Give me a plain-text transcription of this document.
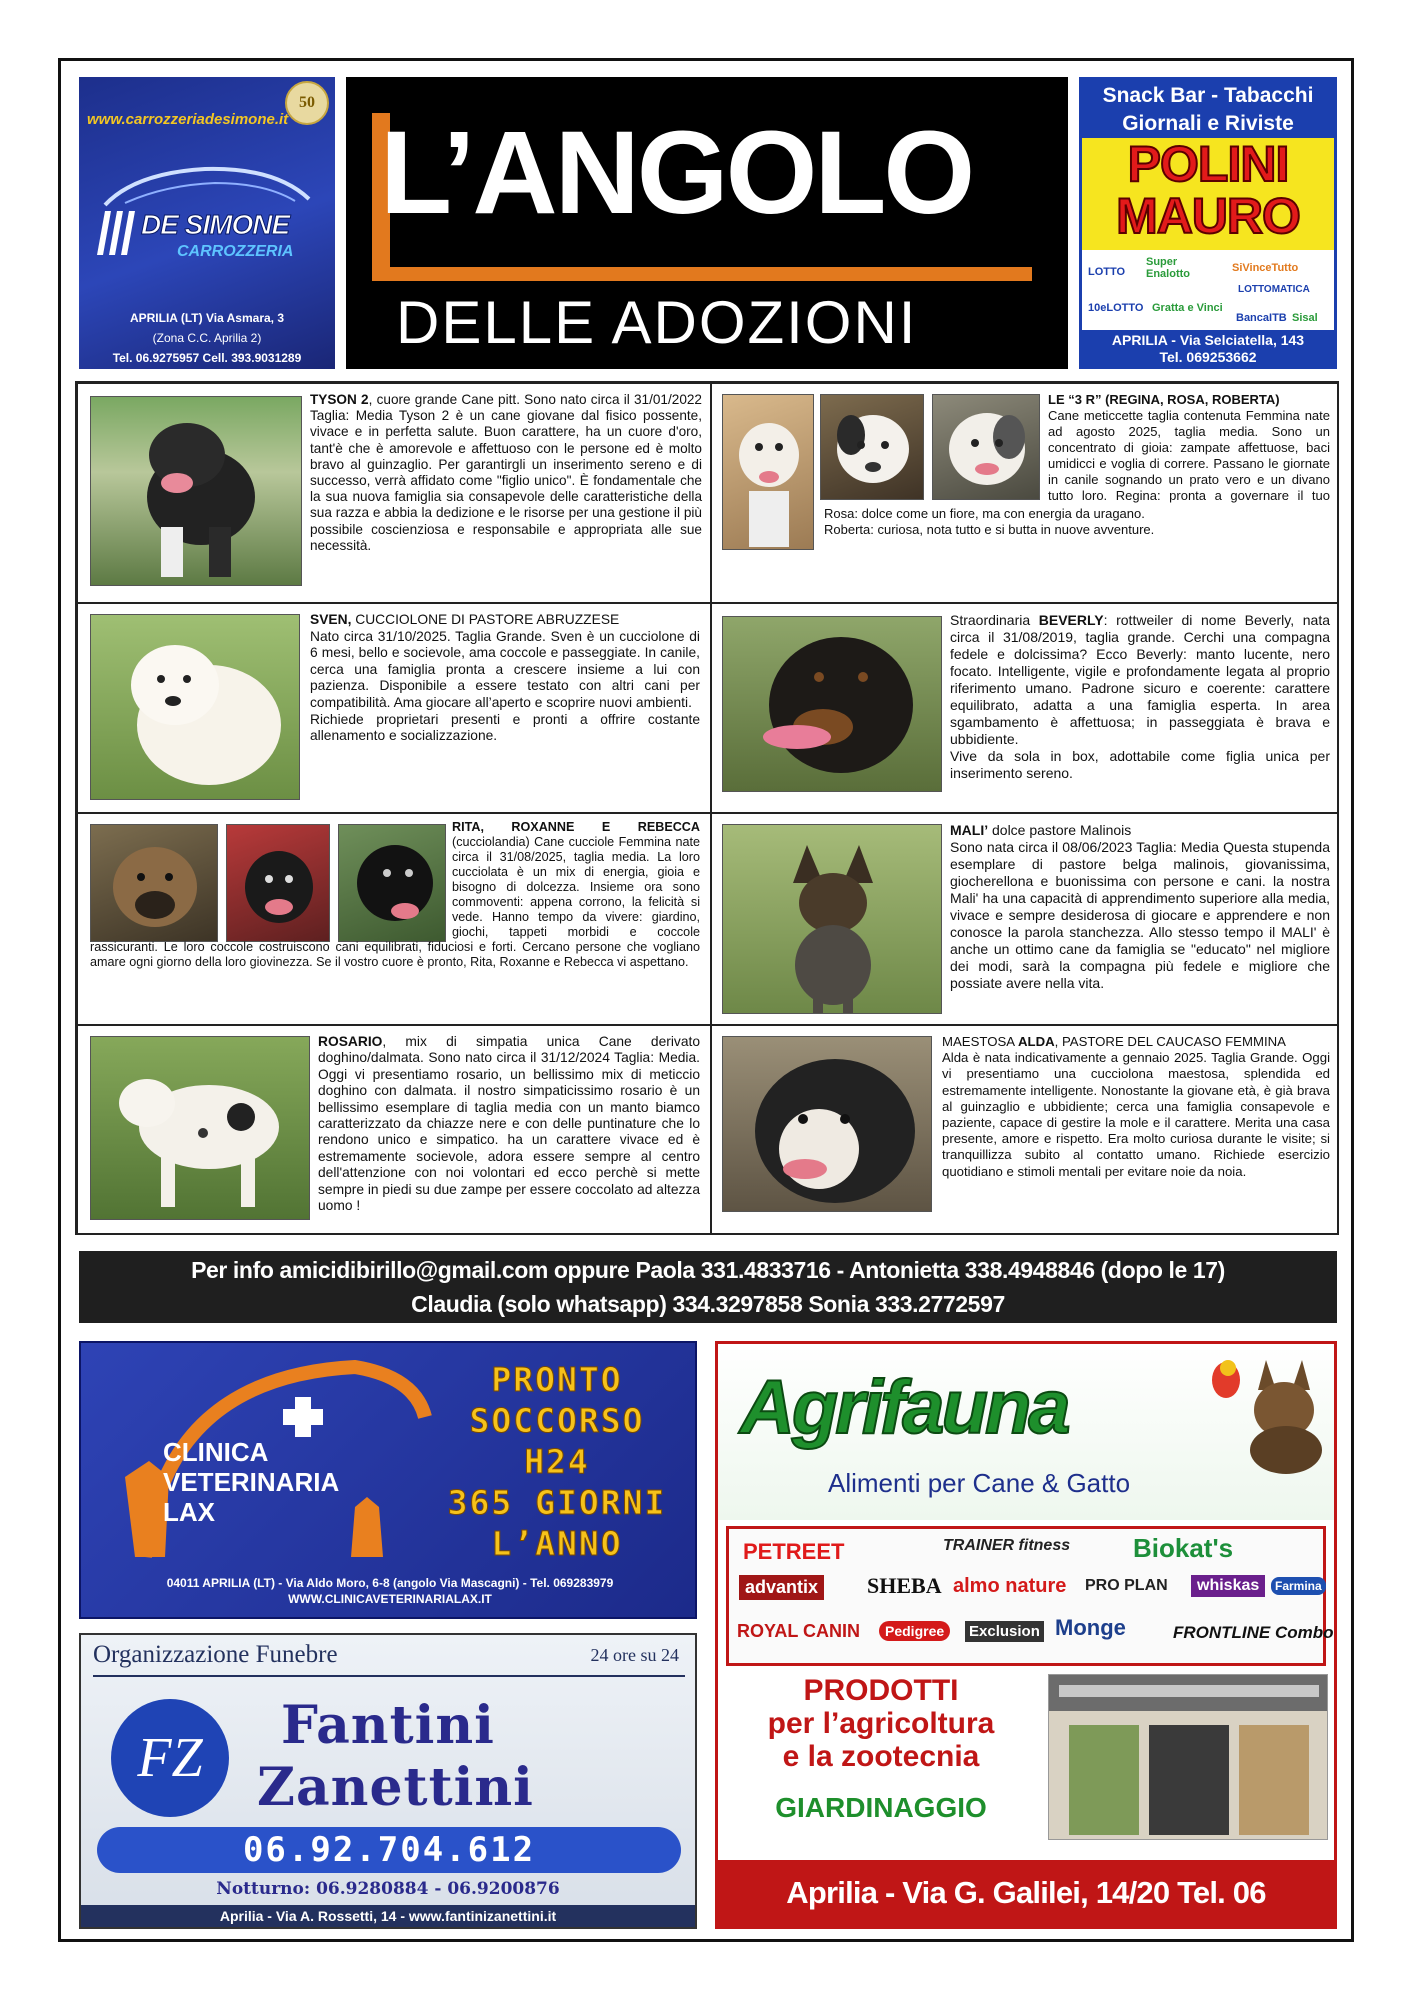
www.carrozzeriadesimone.it
50
DE SIMONE
CARROZZERIA
APRILIA (LT) Via Asmara, 3
(Zona C.C. Aprilia 2)
Tel. 06.9275957 Cell. 393.9031289
L’ANGOLO
DELLE ADOZIONI
Snack Bar - Tabacchi
Giornali e Riviste
POLINI
MAURO
LOTTO
Super Enalotto	SiVinceTutto
10eLOTTO Gratta e Vinci
BancaITB
LOTTOMATICA
Sisal
APRILIA - Via Selciatella, 143
Tel. 069253662
TYSON 2, cuore grande Cane pitt. Sono nato circa il 31/01/2022 Taglia: Media Tyson 2 è un cane giovane dal fisico possente, vivace e in perfetta salute. Buon carattere, ha un cuore d'oro, tant'è che è amorevole e affettuoso con le persone ed è molto bravo al guinzaglio. Per garantirgli un inserimento sereno e di successo, verrà affidato come "figlio unico". È fondamentale che la sua nuova famiglia sia consapevole delle caratteristiche della sua razza e abbia la dedizione e le risorse per una gestione il più possibile coscienziosa e responsabile e appropriata alle sue necessità.
LE “3 R” (REGINA, ROSA, ROBERTA)

Rosa: dolce come un fiore, ma con energia da uragano.

Roberta: curiosa, nota tutto e si butta in nuove avventure.

Cane meticcette taglia contenuta Femmina nate ad agosto 2025, taglia media. Sono un concentrato di gioia: zampate affettuose, baci umidicci e voglia di correre. Passano le giornate in canile sognando un prato vero e un divano tutto loro. Regina: pronta a governare il tuo

SVEN, CUCCIOLONE DI PASTORE ABRUZZESE

Nato circa 31/10/2025. Taglia Grande. Sven è un cucciolone di 6 mesi, bello e socievole, ama coccole e passeggiate. In canile, cerca una famiglia pronta a crescere insieme a lui con pazienza. Disponibile a essere testato con altri cani per compatibilità. Ama giocare all’aperto e scoprire nuovi ambienti.

Richiede proprietari presenti e pronti a offrire costante allenamento e socializzazione.

Straordinaria BEVERLY: rottweiler di nome Beverly, nata circa il 31/08/2019, taglia grande. Cerchi una compagna fedele e dolcissima? Ecco Beverly: manto lucente, nero focato. Intelligente, vigile e profondamente legata al proprio riferimento umano. Padrone sicuro e coerente: carattere equilibrato, adatta a una famiglia esperta. In area sgambamento è affettuosa; in passeggiata è brava e ubbidiente.

Vive da sola in box, adottabile come figlia unica per inserimento sereno.

RITA, ROXANNE E REBECCA (cucciolandia) Cane cucciole Femmina nate circa il 31/08/2025, taglia media. La loro cucciolata è un mix di energia, gioia e bisogno di dolcezza. Insieme ora sono commoventi: appena corrono, la felicità si vede. Hanno tempo da vivere: giardino, giochi, tappeti morbidi e coccole rassicuranti. Le loro coccole costruiscono cani equilibrati, fiduciosi e forti. Cercano persone che vogliano amare ogni giorno della loro giovinezza. Se il vostro cuore è pronto, Rita, Roxanne e Rebecca vi aspettano.

MALI’ dolce pastore Malinois

Sono nata circa il 08/06/2023 Taglia: Media Questa stupenda esemplare di pastore belga malinois, giovanissima, giocherellona e buonissima con persone e cani. la nostra Mali' ha una capacità di apprendimento superiore alla media, vivace e sempre desiderosa di giocare e apprendere e non conosce la parola stanchezza. Allo stesso tempo il MALI' è anche un ottimo cane da famiglia se "educato" nel migliore dei modi, sarà la compagna più fedele e migliore che possiate avere nella vita.

ROSARIO, mix di simpatia unica Cane derivato doghino/dalmata. Sono nato circa il 31/12/2024 Taglia: Media. Oggi vi presentiamo rosario, un bellissimo mix di meticcio doghino con dalmata. il nostro simpaticissimo rosario è un bellissimo esemplare di taglia media con un manto biamco caratterizzato da chiazze nere e con delle puntinature che lo rendono unico e simpatico. ha un carattere vivace ed è estremamente socievole, adora essere sempre al centro dell'attenzione con noi volontari ed ecco perchè si mette sempre in piedi su due zampe per essere coccolato ad altezza uomo !

MAESTOSA ALDA, PASTORE DEL CAUCASO FEMMINA

Alda è nata indicativamente a gennaio 2025. Taglia Grande. Oggi vi presentiamo una cucciolona maestosa, splendida ed estremamente intelligente. Nonostante la giovane età, è già brava al guinzaglio e ubbidiente; cerca una famiglia consapevole e paziente, capace di gestire la mole e il carattere. Merita una casa presente, amore e rispetto. Era molto curiosa durante le visite; si tranquillizza subito al contatto umano. Richiede esercizio quotidiano e stimoli mentali per evitare noie da noia.

Per info amicidibirillo@gmail.com oppure Paola 331.4833716 - Antonietta 338.4948846 (dopo le 17)
Claudia (solo whatsapp) 334.3297858 Sonia 333.2772597
CLINICA
VETERINARIA
LAX
PRONTO
SOCCORSO
H24
365 GIORNI
L’ANNO
04011 APRILIA (LT) - Via Aldo Moro, 6-8 (angolo Via Mascagni) - Tel. 069283979
WWW.CLINICAVETERINARIALAX.IT
Organizzazione Funebre	24 ore su 24
FZ
Fantini
Zanettini
06.92.704.612
Notturno: 06.9280884 - 06.9200876
Aprilia - Via A. Rossetti, 14 - www.fantinizanettini.it
Agrifauna
Alimenti per Cane & Gatto
PETREET	TRAINER fitness Biokat's
advantix SHEBA almo nature PRO PLAN	whiskas	Farmina
ROYAL CANIN	Pedigree	Exclusion Monge	FRONTLINE Combo
PRODOTTI
per l’agricoltura
e la zootecnia
GIARDINAGGIO
Aprilia - Via G. Galilei, 14/20 Tel. 06 92704736
